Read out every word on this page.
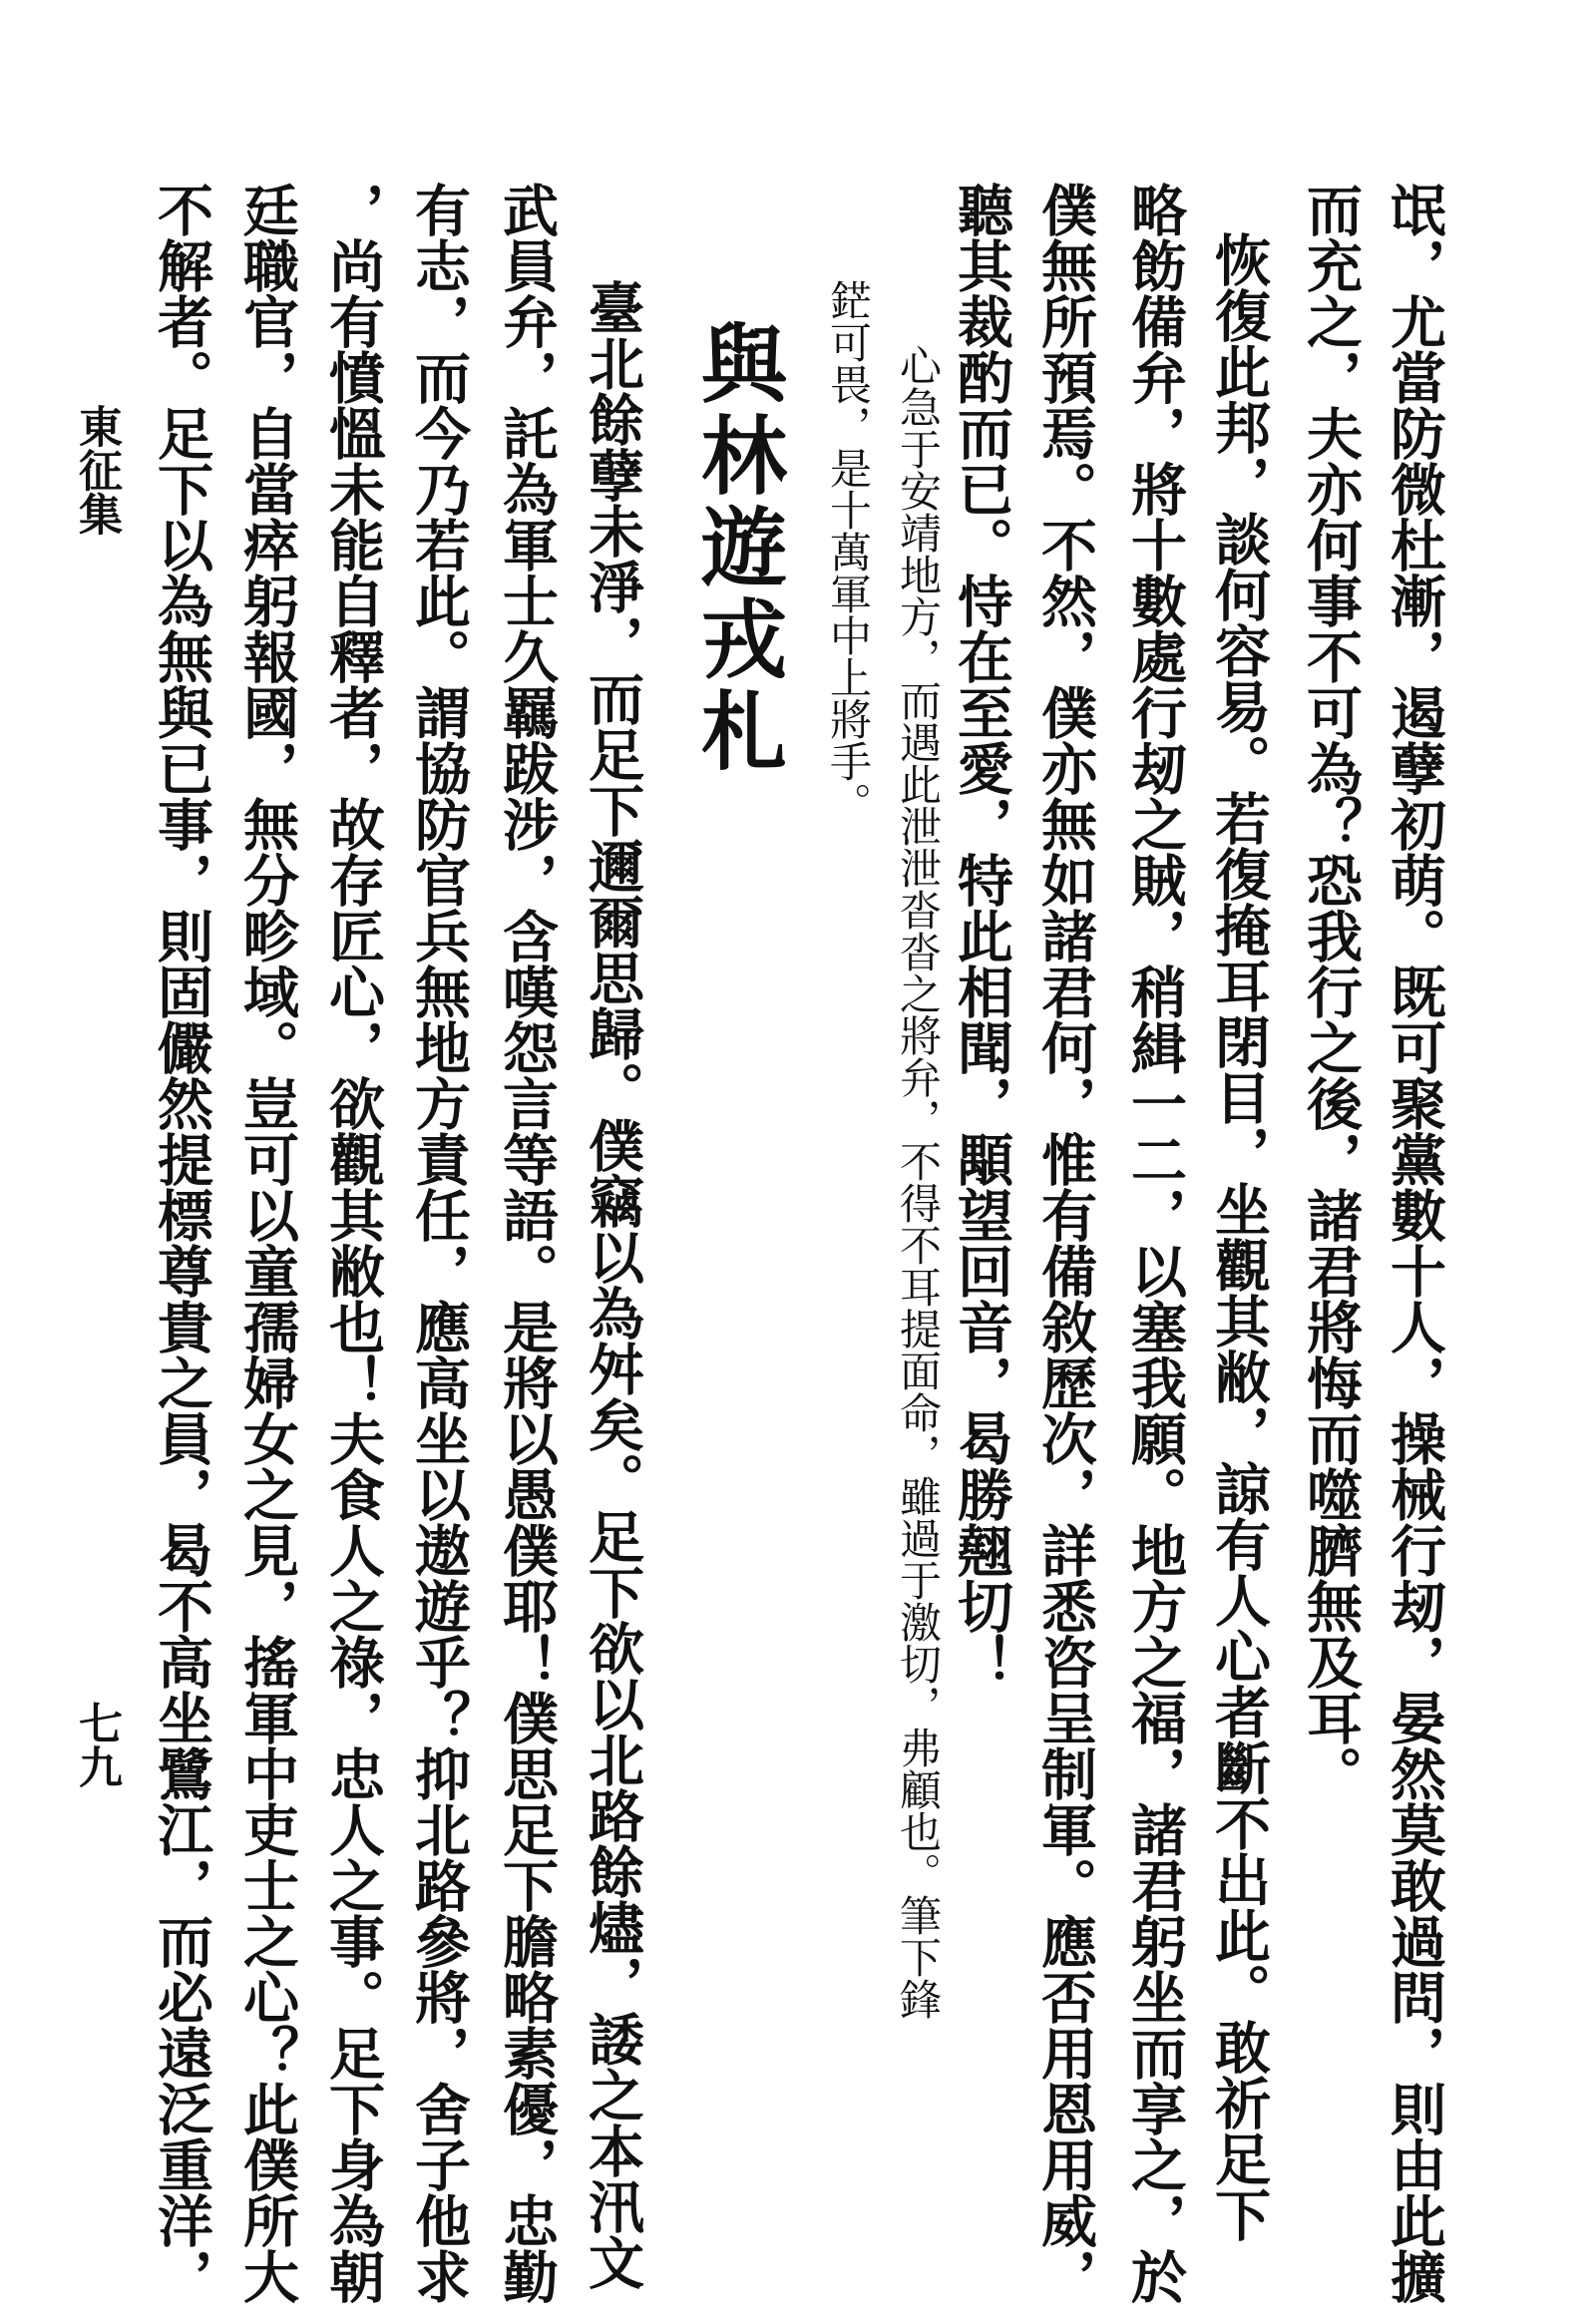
氓，尤當防微杜漸，遏孽初萌。既可聚黨數十人，操械行刼，晏然莫敢過問，則由此擴
而充之，夫亦何事不可為？恐我行之後，諸君將悔而噬臍無及耳。
恢復此邦，談何容易。若復掩耳閉目，坐觀其敝，諒有人心者斷不出此。敢祈足下
略飭備弁，將十數處行刼之賊，稍緝一二，以塞我願。地方之福，諸君躬坐而享之，於
僕無所預焉。不然，僕亦無如諸君何，惟有備敘歷次，詳悉咨呈制軍。應否用恩用威，
聽其裁酌而已。恃在至愛，特此相聞，顒望回音，曷勝翹切！
心急于安靖地方，而遇此泄泄沓沓之將弁，不得不耳提面命，雖過于激切，弗顧也。筆下鋒
鋩可畏，是十萬軍中上將手。
與林遊戎札
臺北餘孽未淨，而足下邇爾思歸。僕竊以為舛矣。足下欲以北路餘燼，諉之本汛文
武員弁，託為軍士久羈跋涉，含嘆怨言等語。是將以愚僕耶！僕思足下膽略素優，忠勤
有志，而今乃若此。謂協防官兵無地方責任，應高坐以遨遊乎？抑北路參將，舍子他求
，尚有憤慍未能自釋者，故存匠心，欲觀其敝也！夫食人之祿，忠人之事。足下身為朝
廷職官，自當瘁躬報國，無分畛域。豈可以童孺婦女之見，搖軍中吏士之心？此僕所大
不解者。足下以為無與已事，則固儼然提標尊貴之員，曷不高坐鷺江，而必遠泛重洋，
東征集
七九
